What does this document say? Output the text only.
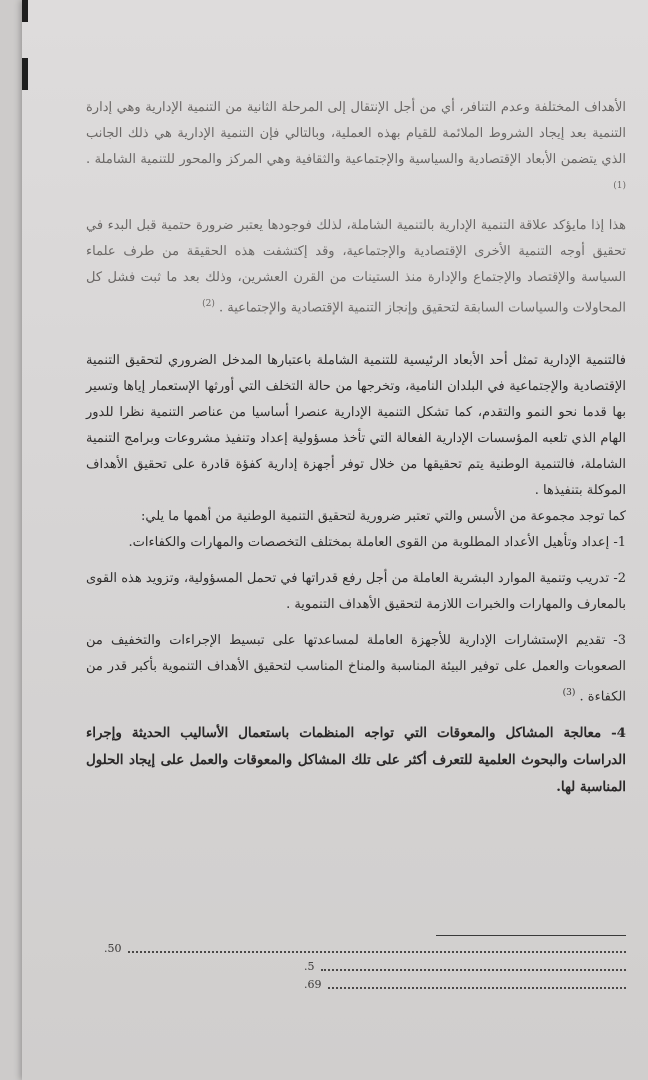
الأهداف المختلفة وعدم التنافر، أي من أجل الإنتقال إلى المرحلة الثانية من التنمية الإدارية وهي إدارة التنمية بعد إيجاد الشروط الملائمة للقيام بهذه العملية، وبالتالي فإن التنمية الإدارية هي ذلك الجانب الذي يتضمن الأبعاد الإقتصادية والسياسية والإجتماعية والثقافية وهي المركز والمحور للتنمية الشاملة . $^{(1)}$

هذا إذا مايؤكد علاقة التنمية الإدارية بالتنمية الشاملة، لذلك فوجودها يعتبر ضرورة حتمية قبل البدء في تحقيق أوجه التنمية الأخرى الإقتصادية والإجتماعية، وقد إكتشفت هذه الحقيقة من طرف علماء السياسة والإقتصاد والإجتماع والإدارة منذ الستينات من القرن العشرين، وذلك بعد ما ثبت فشل كل المحاولات والسياسات السابقة لتحقيق وإنجاز التنمية الإقتصادية والإجتماعية . $^{(2)}$

فالتنمية الإدارية تمثل أحد الأبعاد الرئيسية للتنمية الشاملة باعتبارها المدخل الضروري لتحقيق التنمية الإقتصادية والإجتماعية في البلدان النامية، وتخرجها من حالة التخلف التي أورثها الإستعمار إياها وتسير بها قدما نحو النمو والتقدم، كما تشكل التنمية الإدارية عنصرا أساسيا من عناصر التنمية نظرا للدور الهام الذي تلعبه المؤسسات الإدارية الفعالة التي تأخذ مسؤولية إعداد وتنفيذ مشروعات وبرامج التنمية الشاملة، فالتنمية الوطنية يتم تحقيقها من خلال توفر أجهزة إدارية كفؤة قادرة على تحقيق الأهداف الموكلة بتنفيذها .

كما توجد مجموعة من الأسس والتي تعتبر ضرورية لتحقيق التنمية الوطنية من أهمها ما يلي:

1- إعداد وتأهيل الأعداد المطلوبة من القوى العاملة بمختلف التخصصات والمهارات والكفاءات.

2- تدريب وتنمية الموارد البشرية العاملة من أجل رفع قدراتها في تحمل المسؤولية، وتزويد هذه القوى بالمعارف والمهارات والخبرات اللازمة لتحقيق الأهداف التنموية .

3- تقديم الإستشارات الإدارية للأجهزة العاملة لمساعدتها على تبسيط الإجراءات والتخفيف من الصعوبات والعمل على توفير البيئة المناسبة والمناخ المناسب لتحقيق الأهداف التنموية بأكبر قدر من الكفاءة . $^{(3)}$

4- معالجة المشاكل والمعوقات التي تواجه المنظمات باستعمال الأساليب الحديثة وإجراء الدراسات والبحوث العلمية للتعرف أكثر على تلك المشاكل والمعوقات والعمل على إيجاد الحلول المناسبة لها.

.50
.5
.69
